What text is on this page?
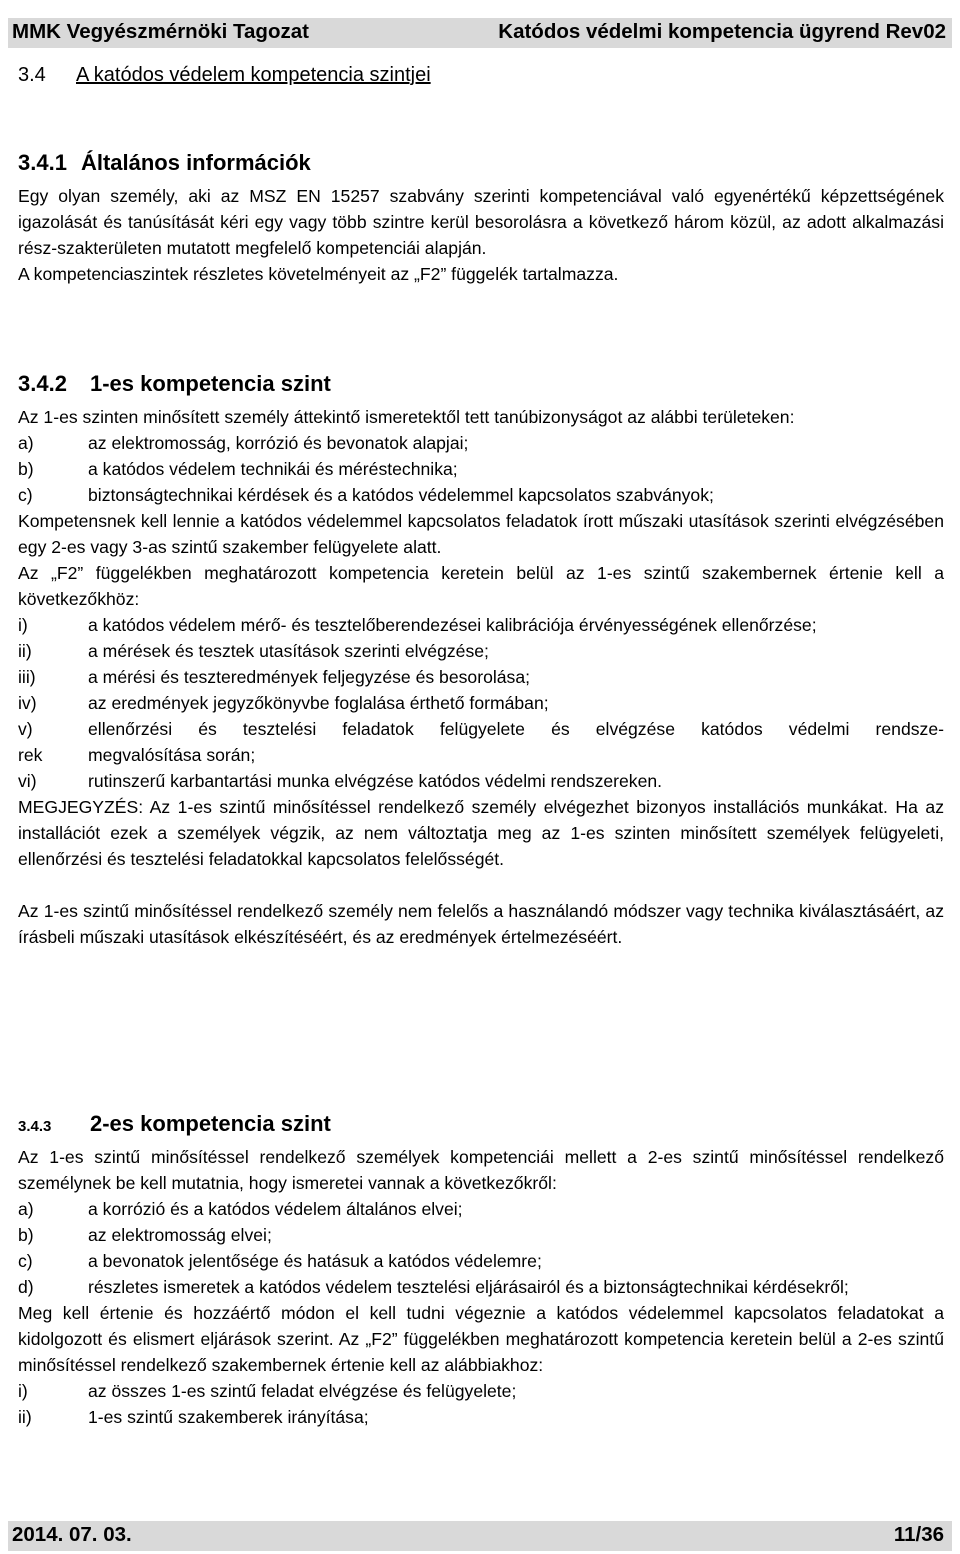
MMK Vegyészmérnöki Tagozat	Katódos védelmi kompetencia ügyrend Rev02
3.4 A katódos védelem kompetencia szintjei
3.4.1 Általános információk

Egy olyan személy, aki az MSZ EN 15257 szabvány szerinti kompetenciával való egyenértékű képzettségének igazolását és tanúsítását kéri egy vagy több szintre kerül besorolásra a következő három közül, az adott alkalmazási rész-szakterületen mutatott megfelelő kompetenciái alapján.

A kompetenciaszintek részletes követelményeit az „F2” függelék tartalmazza.

3.4.2 1-es kompetencia szint

Az 1-es szinten minősített személy áttekintő ismeretektől tett tanúbizonyságot az alábbi területeken:

a)	az elektromosság, korrózió és bevonatok alapjai;
b)	a katódos védelem technikái és méréstechnika;
c)	biztonságtechnikai kérdések és a katódos védelemmel kapcsolatos szabványok;

Kompetensnek kell lennie a katódos védelemmel kapcsolatos feladatok írott műszaki utasítások szerinti elvégzésében egy 2-es vagy 3-as szintű szakember felügyelete alatt.

Az „F2” függelékben meghatározott kompetencia keretein belül az 1-es szintű szakembernek értenie kell a következőkhöz:

i)	a katódos védelem mérő- és tesztelőberendezései kalibrációja érvényességének ellenőrzése;
ii)	a mérések és tesztek utasítások szerinti elvégzése;
iii)	a mérési és teszteredmények feljegyzése és besorolása;
iv)	az eredmények jegyzőkönyvbe foglalása érthető formában;
v)	ellenőrzési és tesztelési feladatok felügyelete és elvégzése katódos védelmi rendsze-
rek	megvalósítása során;
vi)	rutinszerű karbantartási munka elvégzése katódos védelmi rendszereken.

MEGJEGYZÉS: Az 1-es szintű minősítéssel rendelkező személy elvégezhet bizonyos installációs munkákat. Ha az installációt ezek a személyek végzik, az nem változtatja meg az 1-es szinten minősített személyek felügyeleti, ellenőrzési és tesztelési feladatokkal kapcsolatos felelősségét.

Az 1-es szintű minősítéssel rendelkező személy nem felelős a használandó módszer vagy technika kiválasztásáért, az írásbeli műszaki utasítások elkészítéséért, és az eredmények értelmezéséért.

3.4.3 2-es kompetencia szint

Az 1-es szintű minősítéssel rendelkező személyek kompetenciái mellett a 2-es szintű minősítéssel rendelkező személynek be kell mutatnia, hogy ismeretei vannak a következőkről:

a)	a korrózió és a katódos védelem általános elvei;
b)	az elektromosság elvei;
c)	a bevonatok jelentősége és hatásuk a katódos védelemre;
d)	részletes ismeretek a katódos védelem tesztelési eljárásairól és a biztonságtechnikai kérdésekről;

Meg kell értenie és hozzáértő módon el kell tudni végeznie a katódos védelemmel kapcsolatos feladatokat a kidolgozott és elismert eljárások szerint. Az „F2” függelékben meghatározott kompetencia keretein belül a 2-es szintű minősítéssel rendelkező szakembernek értenie kell az alábbiakhoz:

i)	az összes 1-es szintű feladat elvégzése és felügyelete;
ii)	1-es szintű szakemberek irányítása;
2014. 07. 03.	11/36
